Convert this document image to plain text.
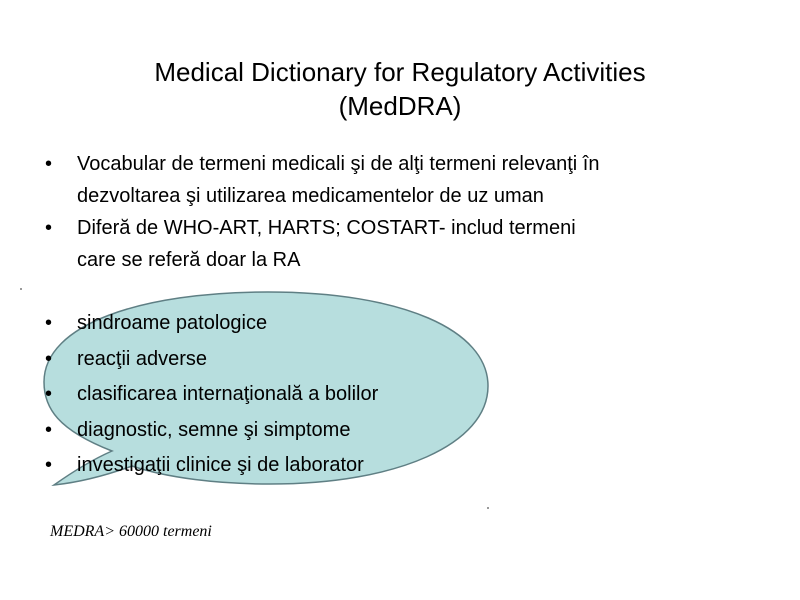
Medical Dictionary for Regulatory Activities
(MedDRA)
• Vocabular de termeni medicali şi de alţi termeni relevanţi în
dezvoltarea şi utilizarea medicamentelor de uz uman
• Diferă de WHO-ART, HARTS; COSTART- includ termeni
care se referă doar la RA
• sindroame patologice
• reacţii adverse
• clasificarea internaţională a bolilor
• diagnostic, semne şi simptome
• investigaţii clinice şi de laborator
MEDRA> 60000 termeni
